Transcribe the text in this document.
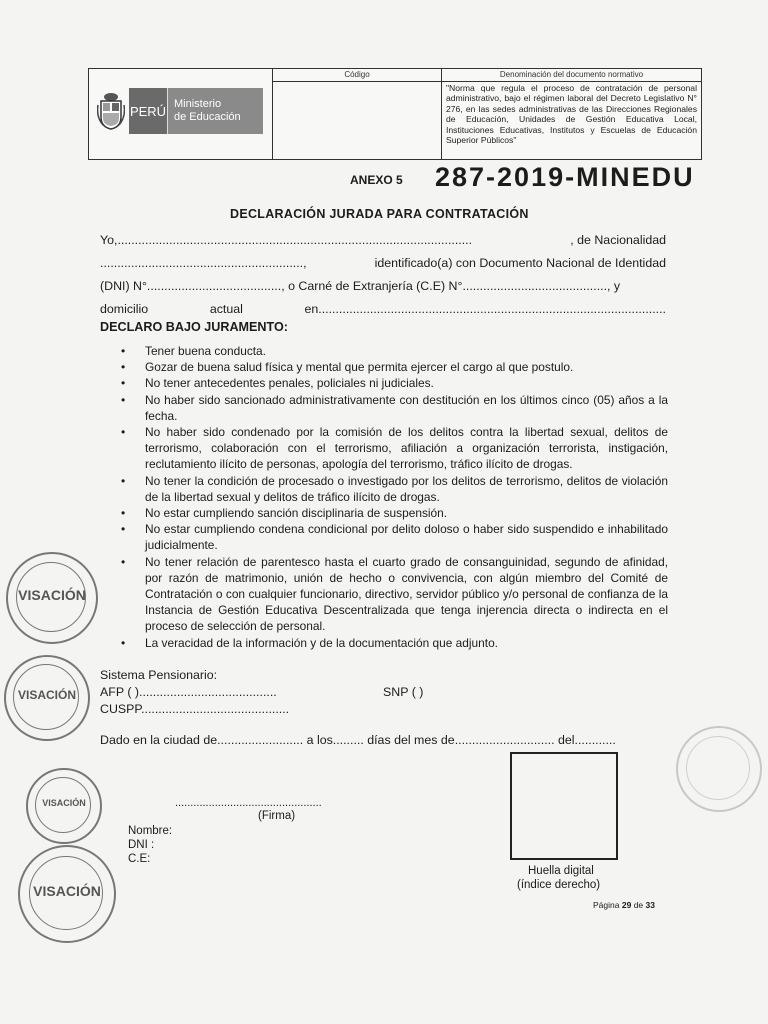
PERÚ Ministerio
de Educación
Código	Denominación del documento normativo
"Norma que regula el proceso de contratación de personal administrativo, bajo el régimen laboral del Decreto Legislativo N° 276, en las sedes administrativas de las Direcciones Regionales de Educación, Unidades de Gestión Educativa Local, Instituciones Educativas, Institutos y Escuelas de Educación Superior Públicos"
ANEXO 5 287-2019-MINEDU
DECLARACIÓN JURADA PARA CONTRATACIÓN
Yo,.......................................................................................................	, de Nacionalidad
...........................................................,	identificado(a) con Documento Nacional de Identidad
(DNI) N°......................................., o Carné de Extranjería (C.E) N°.........................................., y
domicilio	actual	en.....................................................................................................
DECLARO BAJO JURAMENTO:
• Tener buena conducta.
• Gozar de buena salud física y mental que permita ejercer el cargo al que postulo.
• No tener antecedentes penales, policiales ni judiciales.
• No haber sido sancionado administrativamente con destitución en los últimos cinco (05) años a la fecha.
• No haber sido condenado por la comisión de los delitos contra la libertad sexual, delitos de terrorismo, colaboración con el terrorismo, afiliación a organización terrorista, instigación, reclutamiento ilícito de personas, apología del terrorismo, tráfico ilícito de drogas.
• No tener la condición de procesado o investigado por los delitos de terrorismo, delitos de violación de la libertad sexual y delitos de tráfico ilícito de drogas.
• No estar cumpliendo sanción disciplinaria de suspensión.
• No estar cumpliendo condena condicional por delito doloso o haber sido suspendido e inhabilitado judicialmente.
• No tener relación de parentesco hasta el cuarto grado de consanguinidad, segundo de afinidad, por razón de matrimonio, unión de hecho o convivencia, con algún miembro del Comité de Contratación o con cualquier funcionario, directivo, servidor público y/o personal de confianza de la Instancia de Gestión Educativa Descentralizada que tenga injerencia directa o indirecta en el proceso de selección de personal.
• La veracidad de la información y de la documentación que adjunto.
Sistema Pensionario:
AFP ( )........................................	SNP ( )
CUSPP...........................................
Dado en la ciudad de......................... a los......... días del mes de............................. del............
................................................
(Firma)
Nombre:
DNI :
C.E:
Huella digital
(índice derecho)
Página 29 de 33
VISACIÓN
VISACIÓN
VISACIÓN
VISACIÓN
